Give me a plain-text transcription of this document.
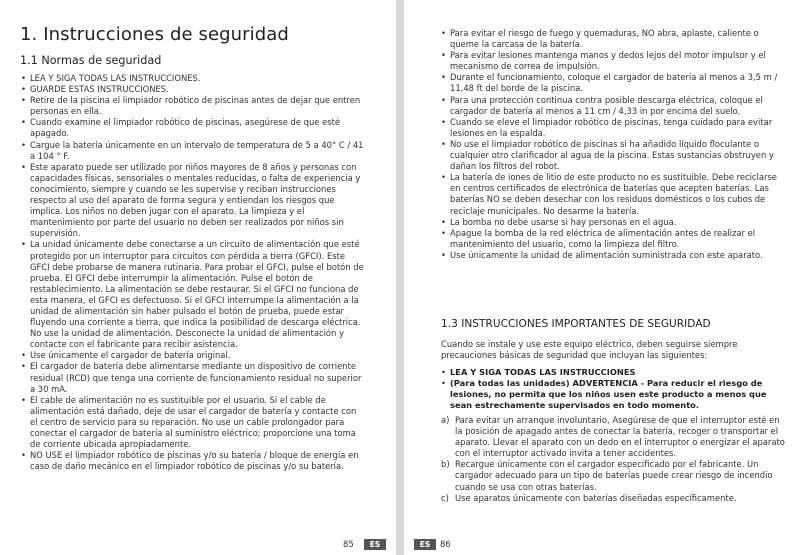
1. Instrucciones de seguridad
1.1 Normas de seguridad
• LEA Y SIGA TODAS LAS INSTRUCCIONES.
• GUARDE ESTAS INSTRUCCIONES.
• Retire de la piscina el limpiador robótico de piscinas antes de dejar que entren personas en ella.
• Cuando examine el limpiador robótico de piscinas, asegúrese de que esté apagado.
• Cargue la batería únicamente en un intervalo de temperatura de 5 a 40° C / 41 a 104 ° F.
• Este aparato puede ser utilizado por niños mayores de 8 años y personas con capacidades físicas, sensoriales o mentales reducidas, o falta de experiencia y conocimiento, siempre y cuando se les supervise y reciban instrucciones respecto al uso del aparato de forma segura y entiendan los riesgos que implica. Los niños no deben jugar con el aparato. La limpieza y el mantenimiento por parte del usuario no deben ser realizados por niños sin supervisión.
• La unidad únicamente debe conectarse a un circuito de alimentación que esté protegido por un interruptor para circuitos con pérdida a tierra (GFCI). Este GFCI debe probarse de manera rutinaria. Para probar el GFCI, pulse el botón de prueba. El GFCI debe interrumpir la alimentación. Pulse el botón de restablecimiento. La alimentación se debe restaurar. Si el GFCI no funciona de esta manera, el GFCI es defectuoso. Si el GFCI interrumpe la alimentación a la unidad de alimentación sin haber pulsado el botón de prueba, puede estar fluyendo una corriente a tierra, que indica la posibilidad de descarga eléctrica. No use la unidad de alimentación. Desconecte la unidad de alimentación y contacte con el fabricante para recibir asistencia.
• Use únicamente el cargador de batería original.
• El cargador de batería debe alimentarse mediante un dispositivo de corriente residual (RCD) que tenga una corriente de funcionamiento residual no superior a 30 mA.
• El cable de alimentación no es sustituible por el usuario. Si el cable de alimentación está dañado, deje de usar el cargador de batería y contacte con el centro de servicio para su reparación. No use un cable prolongador para conectar el cargador de batería al suministro eléctrico; proporcione una toma de corriente ubicada apropiadamente.
• NO USE el limpiador robótico de piscinas y/o su batería / bloque de energía en caso de daño mecánico en el limpiador robótico de piscinas y/o su batería.
85	ES
• Para evitar el riesgo de fuego y quemaduras, NO abra, aplaste, caliente o queme la carcasa de la batería.
• Para evitar lesiones mantenga manos y dedos lejos del motor impulsor y el mecanismo de correa de impulsión.
• Durante el funcionamiento, coloque el cargador de batería al menos a 3,5 m / 11,48 ft del borde de la piscina.
• Para una protección continua contra posible descarga eléctrica, coloque el cargador de batería al menos a 11 cm / 4,33 in por encima del suelo.
• Cuando se eleve el limpiador robótico de piscinas, tenga cuidado para evitar lesiones en la espalda.
• No use el limpiador robótico de piscinas si ha añadido líquido floculante o cualquier otro clarificador al agua de la piscina. Estas sustancias obstruyen y dañan los filtros del robot.
• La batería de iones de litio de este producto no es sustituible. Debe reciclarse en centros certificados de electrónica de baterías que acepten baterías. Las baterías NO se deben desechar con los residuos domésticos o los cubos de reciclaje municipales. No desarme la batería.
• La bomba no debe usarse si hay personas en el agua.
• Apague la bomba de la red eléctrica de alimentación antes de realizar el mantenimiento del usuario, como la limpieza del filtro.
• Use únicamente la unidad de alimentación suministrada con este aparato.
1.3 INSTRUCCIONES IMPORTANTES DE SEGURIDAD

Cuando se instale y use este equipo eléctrico, deben seguirse siempre precauciones básicas de seguridad que incluyan las siguientes:

• LEA Y SIGA TODAS LAS INSTRUCCIONES
• (Para todas las unidades) ADVERTENCIA - Para reducir el riesgo de lesiones, no permita que los niños usen este producto a menos que sean estrechamente supervisados en todo momento.
a) Para evitar un arranque involuntario, Asegúrese de que el interruptor esté en la posición de apagado antes de conectar la batería, recoger o transportar el aparato. Llevar el aparato con un dedo en el interruptor o energizar el aparato con el interruptor activado invita a tener accidentes.
b) Recargue únicamente con el cargador especificado por el fabricante. Un cargador adecuado para un tipo de baterías puede crear riesgo de incendio cuando se usa con otras baterías.
c) Use aparatos únicamente con baterías diseñadas específicamente.
ES	86
